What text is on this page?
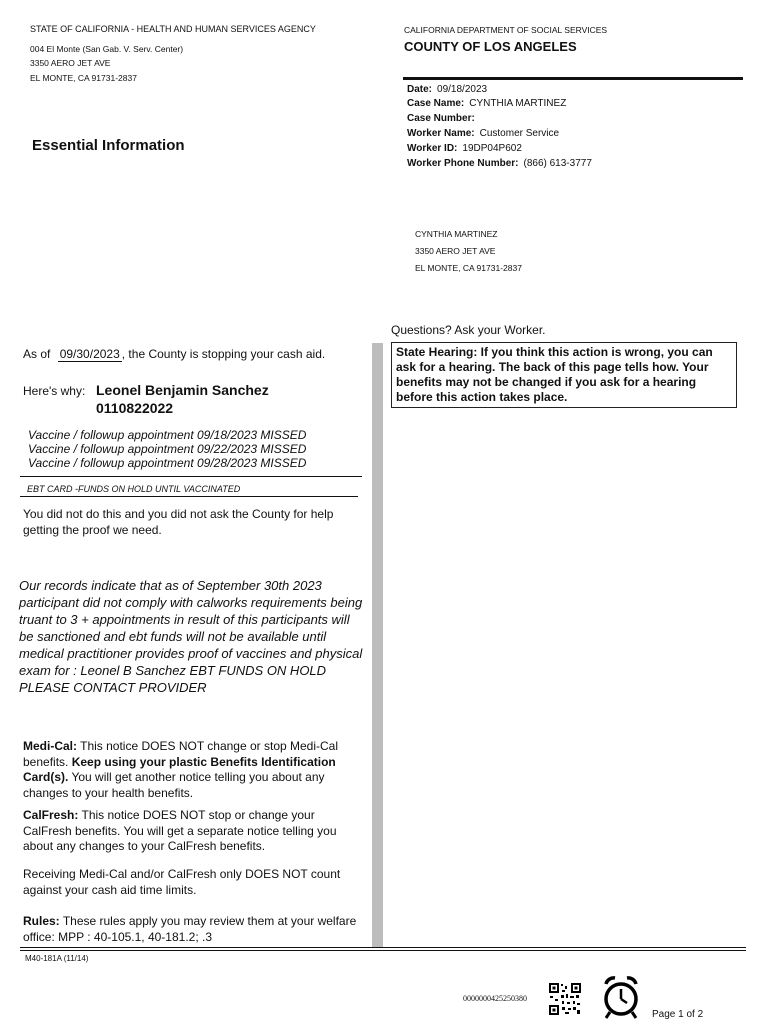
STATE OF CALIFORNIA - HEALTH AND HUMAN SERVICES AGENCY
004 El Monte (San Gab. V. Serv. Center)
3350 AERO JET AVE
EL MONTE, CA 91731-2837
CALIFORNIA DEPARTMENT OF SOCIAL SERVICES
COUNTY OF LOS ANGELES
Essential Information
Date: 09/18/2023
Case Name: CYNTHIA MARTINEZ
Case Number:
Worker Name: Customer Service
Worker ID: 19DP04P602
Worker Phone Number: (866) 613-3777
CYNTHIA MARTINEZ
3350 AERO JET AVE
EL MONTE, CA 91731-2837
Questions? Ask your Worker.
State Hearing: If you think this action is wrong, you can ask for a hearing. The back of this page tells how. Your benefits may not be changed if you ask for a hearing before this action takes place.
As of 09/30/2023 , the County is stopping your cash aid.
Here's why: Leonel Benjamin Sanchez
0110822022
Vaccine / followup appointment 09/18/2023 MISSED
Vaccine / followup appointment 09/22/2023 MISSED
Vaccine / followup appointment 09/28/2023 MISSED
EBT CARD -FUNDS ON HOLD UNTIL VACCINATED
You did not do this and you did not ask the County for help getting the proof we need.
Our records indicate that as of September 30th 2023 participant did not comply with calworks requirements being truant to 3 + appointments in result of this participants will be sanctioned and ebt funds will not be available until medical practitioner provides proof of vaccines and physical exam for : Leonel B Sanchez EBT FUNDS ON HOLD PLEASE CONTACT PROVIDER
Medi-Cal: This notice DOES NOT change or stop Medi-Cal benefits. Keep using your plastic Benefits Identification Card(s). You will get another notice telling you about any changes to your health benefits.
CalFresh: This notice DOES NOT stop or change your CalFresh benefits. You will get a separate notice telling you about any changes to your CalFresh benefits.
Receiving Medi-Cal and/or CalFresh only DOES NOT count against your cash aid time limits.
Rules: These rules apply you may review them at your welfare office: MPP : 40-105.1, 40-181.2; .3
M40-181A (11/14)
0000000425250380
Page 1 of 2
